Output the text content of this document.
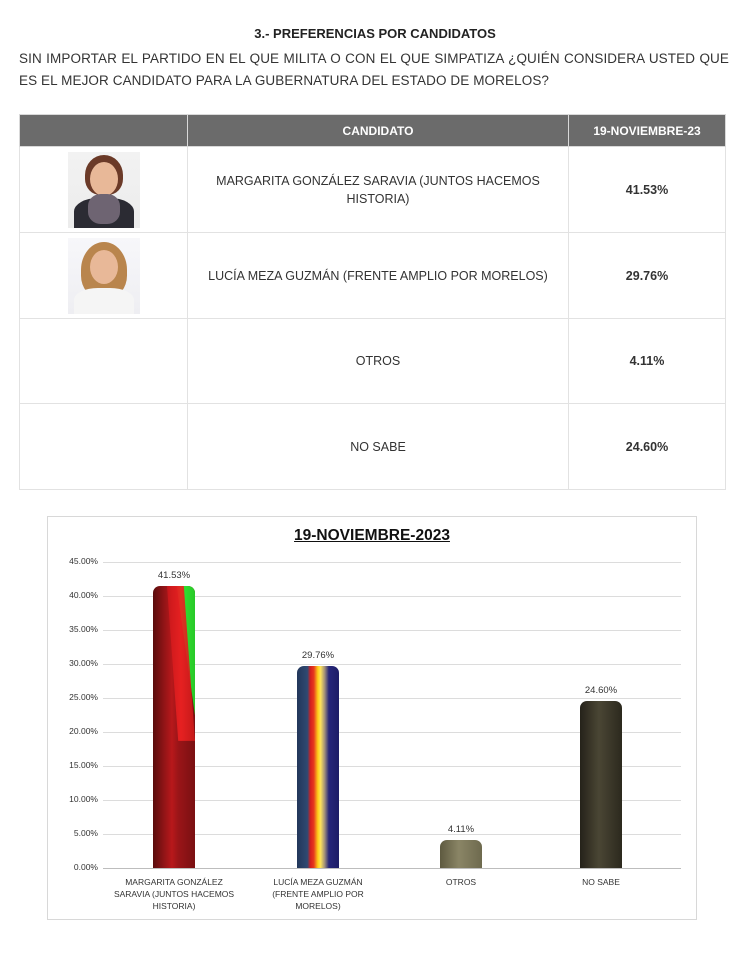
3.- PREFERENCIAS POR CANDIDATOS
SIN IMPORTAR EL PARTIDO EN EL QUE MILITA O CON EL QUE SIMPATIZA ¿QUIÉN CONSIDERA USTED QUE ES EL MEJOR CANDIDATO PARA LA GUBERNATURA DEL ESTADO DE MORELOS?
	CANDIDATO	19-NOVIEMBRE-23

	MARGARITA GONZÁLEZ SARAVIA (JUNTOS HACEMOS HISTORIA)	41.53%

	LUCÍA MEZA GUZMÁN (FRENTE AMPLIO POR MORELOS)	29.76%
	OTROS	4.11%
	NO SABE	24.60%
19-NOVIEMBRE-2023
0.00%
5.00%
10.00%
15.00%
20.00%
25.00%
30.00%
35.00%
40.00%
45.00%
41.53%
MARGARITA GONZÁLEZ
SARAVIA (JUNTOS HACEMOS
HISTORIA)
29.76%
LUCÍA MEZA GUZMÁN
(FRENTE AMPLIO POR
MORELOS)
4.11%
OTROS
24.60%
NO SABE
